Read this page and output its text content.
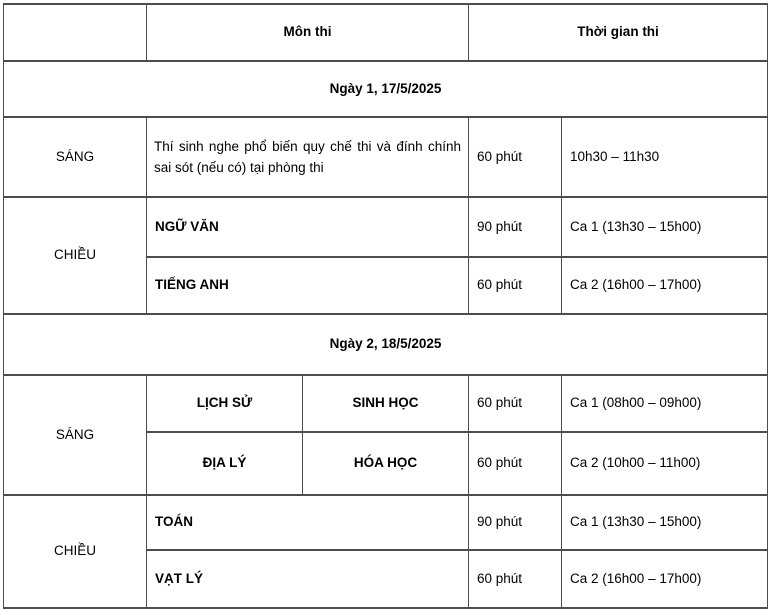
	Môn thi		Thời gian thi	
Ngày 1, 17/5/2025				
SÁNG	Thí sinh nghe phổ biến quy chế thi và đính chính sai sót (nếu có) tại phòng thi		60 phút	10h30 – 11h30
CHIỀU	NGỮ VĂN		90 phút	Ca 1 (13h30 – 15h00)
	TIẾNG ANH		60 phút	Ca 2 (16h00 – 17h00)
Ngày 2, 18/5/2025				
SÁNG	LỊCH SỬ	SINH HỌC	60 phút	Ca 1 (08h00 – 09h00)
	ĐỊA LÝ	HÓA HỌC	60 phút	Ca 2 (10h00 – 11h00)
CHIỀU	TOÁN		90 phút	Ca 1 (13h30 – 15h00)
	VẠT LÝ		60 phút	Ca 2 (16h00 – 17h00)
